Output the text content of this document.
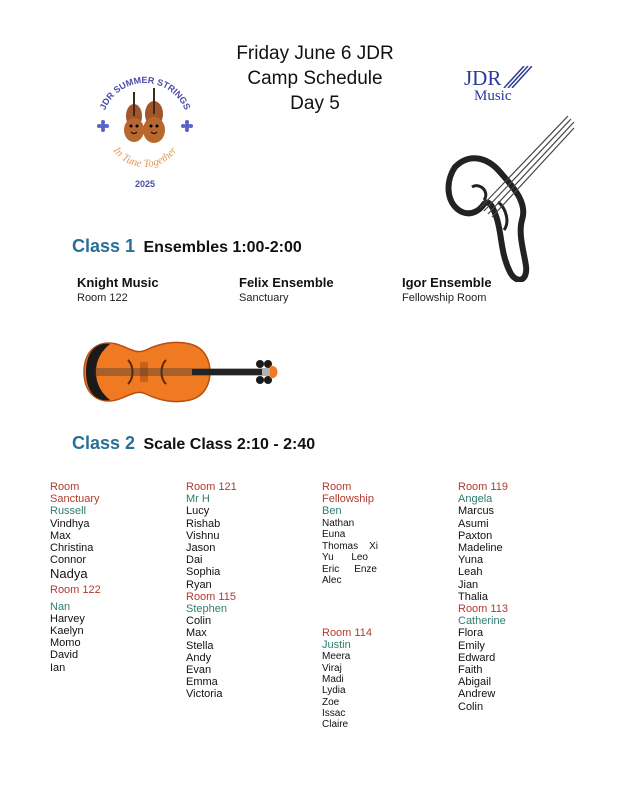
JDR SUMMER STRINGS
In Tune Together
2025
Friday June 6 JDR
Camp Schedule
Day 5
JDR
Music
Class 1 Ensembles 1:00-2:00
Knight Music
Room 122
Felix Ensemble
Sanctuary
Igor Ensemble
Fellowship Room
Class 2 Scale Class 2:10 - 2:40
Room
Sanctuary
Russell
Vindhya
Max
Christina
Connor
Nadya
Room 122
Nan
Harvey
Kaelyn
Momo
David
Ian
Room 121
Mr H
Lucy
Rishab
Vishnu
Jason
Dai
Sophia
Ryan
Room 115
Stephen
Colin
Max
Stella
Andy
Evan
Emma
Victoria
Room
Fellowship
Ben
Nathan
Euna
Thomas Xi
Yu Leo
Eric Enze
Alec
Room 114
Justin
Meera
Viraj
Madi
Lydia
Zoe
Issac
Claire
Room 119
Angela
Marcus
Asumi
Paxton
Madeline
Yuna
Leah
Jian
Thalia
Room 113
Catherine
Flora
Emily
Edward
Faith
Abigail
Andrew
Colin
